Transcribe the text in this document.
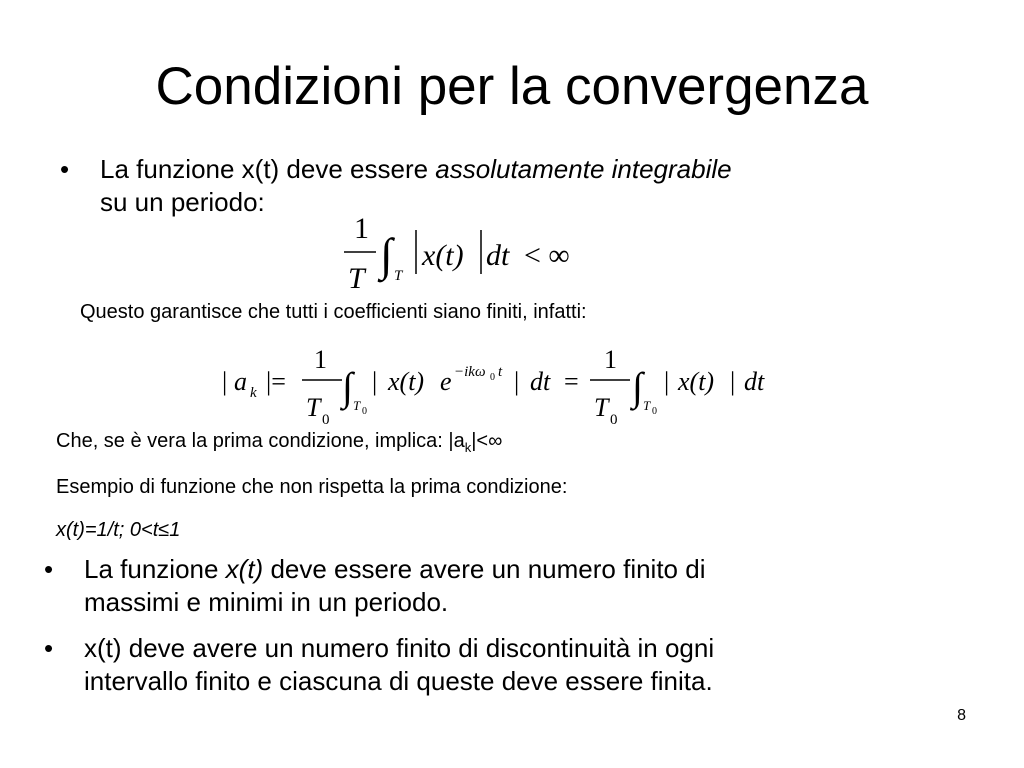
Condizioni per la convergenza
• La funzione x(t) deve essere assolutamente integrabile
su un periodo:
1
T ∫ T
x(t) dt < ∞
Questo garantisce che tutti i coefficienti siano finiti, infatti:
| a k |=
1
T 0
∫ T 0
| x(t) e −ikω 0 t | dt =
1
T 0
∫ T 0
| x(t) | dt
Che, se è vera la prima condizione, implica: $|a_k|<\infty$
Esempio di funzione che non rispetta la prima condizione:
x(t)=1/t; 0<t≤1
• La funzione x(t) deve essere avere un numero finito di
massimi e minimi in un periodo.
• x(t) deve avere un numero finito di discontinuità in ogni
intervallo finito e ciascuna di queste deve essere finita.
8
